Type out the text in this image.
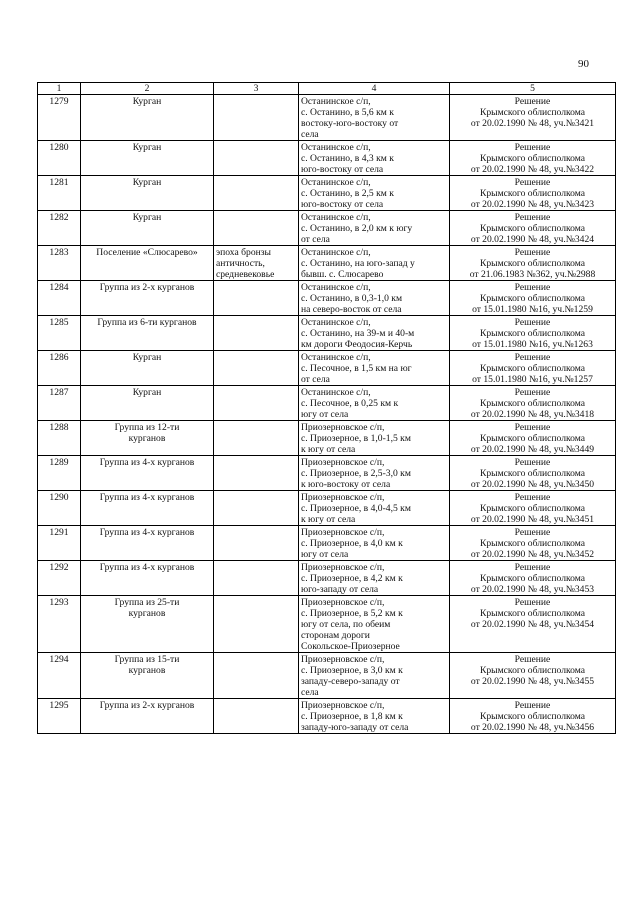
90
1	2	3	4	5
1279	Курган		Останинское с/п,
с. Останино, в 5,6 км к
востоку-юго-востоку от
села	Решение
Крымского облисполкома
от 20.02.1990 № 48, уч.№3421

1280	Курган		Останинское с/п,
с. Останино, в 4,3 км к
юго-востоку от села	Решение
Крымского облисполкома
от 20.02.1990 № 48, уч.№3422

1281	Курган		Останинское с/п,
с. Останино, в 2,5 км к
юго-востоку от села	Решение
Крымского облисполкома
от 20.02.1990 № 48, уч.№3423

1282	Курган		Останинское с/п,
с. Останино, в 2,0 км к югу
от села	Решение
Крымского облисполкома
от 20.02.1990 № 48, уч.№3424

1283	Поселение «Слюсарево»	эпоха бронзы
античность,
средневековье	Останинское с/п,
с. Останино, на юго-запад у
бывш. с. Слюсарево	Решение
Крымского облисполкома
от 21.06.1983 №362, уч.№2988

1284	Группа из 2-х курганов		Останинское с/п,
с. Останино, в 0,3-1,0 км
на северо-восток от села	Решение
Крымского облисполкома
от 15.01.1980 №16, уч.№1259

1285	Группа из 6-ти курганов		Останинское с/п,
с. Останино, на 39-м и 40-м
км дороги Феодосия-Керчь	Решение
Крымского облисполкома
от 15.01.1980 №16, уч.№1263

1286	Курган		Останинское с/п,
с. Песочное, в 1,5 км на юг
от села	Решение
Крымского облисполкома
от 15.01.1980 №16, уч.№1257

1287	Курган		Останинское с/п,
с. Песочное, в 0,25 км к
югу от села	Решение
Крымского облисполкома
от 20.02.1990 № 48, уч.№3418

1288	Группа из 12-ти
курганов		Приозерновское с/п,
с. Приозерное, в 1,0-1,5 км
к югу от села	Решение
Крымского облисполкома
от 20.02.1990 № 48, уч.№3449

1289	Группа из 4-х курганов		Приозерновское с/п,
с. Приозерное, в 2,5-3,0 км
к юго-востоку от села	Решение
Крымского облисполкома
от 20.02.1990 № 48, уч.№3450

1290	Группа из 4-х курганов		Приозерновское с/п,
с. Приозерное, в 4,0-4,5 км
к югу от села	Решение
Крымского облисполкома
от 20.02.1990 № 48, уч.№3451

1291	Группа из 4-х курганов		Приозерновское с/п,
с. Приозерное, в 4,0 км к
югу от села	Решение
Крымского облисполкома
от 20.02.1990 № 48, уч.№3452

1292	Группа из 4-х курганов		Приозерновское с/п,
с. Приозерное, в 4,2 км к
юго-западу от села	Решение
Крымского облисполкома
от 20.02.1990 № 48, уч.№3453

1293	Группа из 25-ти
курганов		Приозерновское с/п,
с. Приозерное, в 5,2 км к
югу от села, по обеим
сторонам дороги
Сокольское-Приозерное	Решение
Крымского облисполкома
от 20.02.1990 № 48, уч.№3454

1294	Группа из 15-ти
курганов		Приозерновское с/п,
с. Приозерное, в 3,0 км к
западу-северо-западу от
села	Решение
Крымского облисполкома
от 20.02.1990 № 48, уч.№3455

1295	Группа из 2-х курганов		Приозерновское с/п,
с. Приозерное, в 1,8 км к
западу-юго-западу от села	Решение
Крымского облисполкома
от 20.02.1990 № 48, уч.№3456
